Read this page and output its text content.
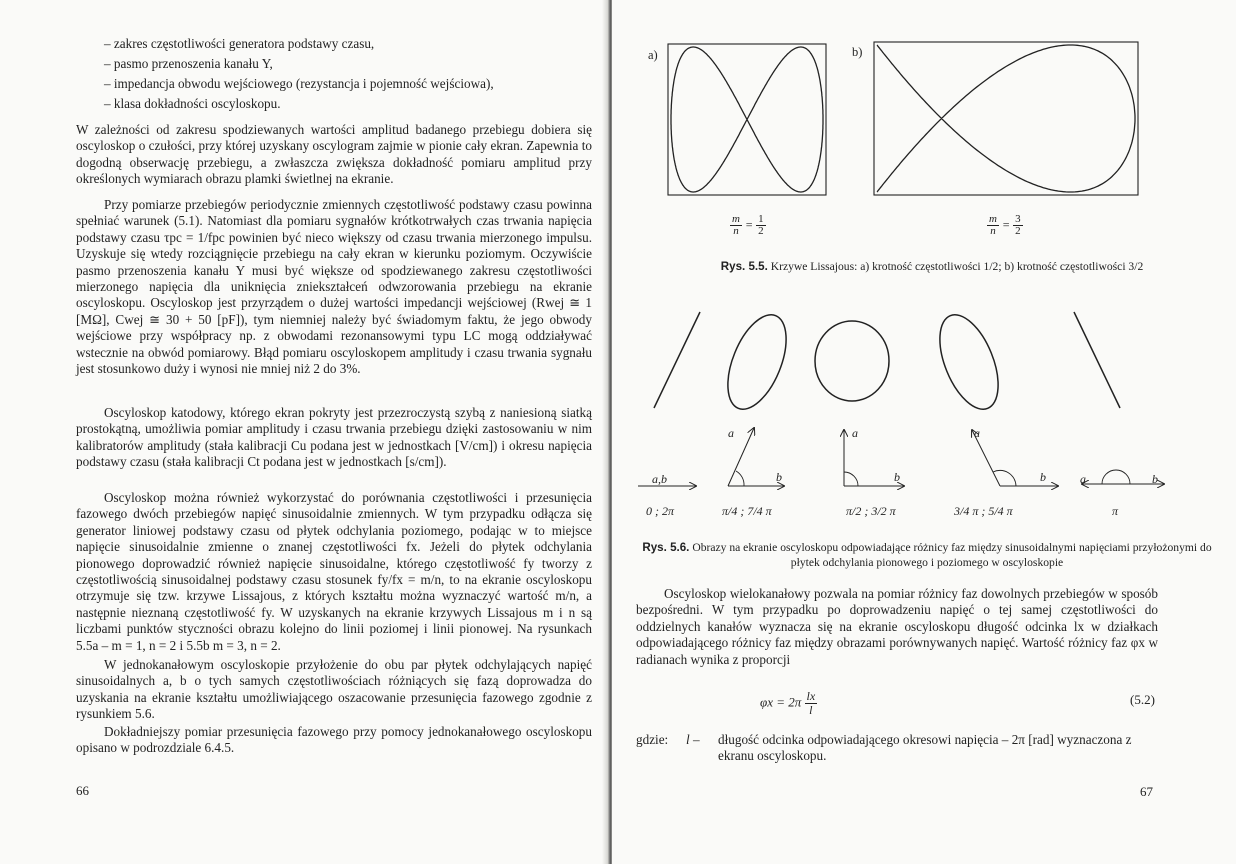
– zakres częstotliwości generatora podstawy czasu,
– pasmo przenoszenia kanału Y,
– impedancja obwodu wejściowego (rezystancja i pojemność wejściowa),
– klasa dokładności oscyloskopu.
W zależności od zakresu spodziewanych wartości amplitud badanego przebiegu dobiera się oscyloskop o czułości, przy której uzyskany oscylogram zajmie w pionie cały ekran. Zapewnia to dogodną obserwację przebiegu, a zwłaszcza zwiększa dokładność pomiaru amplitud przy określonych wymiarach obrazu plamki świetlnej na ekranie.
Przy pomiarze przebiegów periodycznie zmiennych częstotliwość podstawy czasu powinna spełniać warunek (5.1). Natomiast dla pomiaru sygnałów krótkotrwałych czas trwania napięcia podstawy czasu τpc = 1/fpc powinien być nieco większy od czasu trwania mierzonego impulsu. Uzyskuje się wtedy rozciągnięcie przebiegu na cały ekran w kierunku poziomym. Oczywiście pasmo przenoszenia kanału Y musi być większe od spodziewanego zakresu częstotliwości mierzonego napięcia dla uniknięcia zniekształceń odwzorowania przebiegu na ekranie oscyloskopu. Oscyloskop jest przyrządem o dużej wartości impedancji wejściowej (Rwej ≅ 1 [MΩ], Cwej ≅ 30 + 50 [pF]), tym niemniej należy być świadomym faktu, że jego obwody wejściowe przy współpracy np. z obwodami rezonansowymi typu LC mogą oddziaływać wstecznie na obwód pomiarowy. Błąd pomiaru oscyloskopem amplitudy i czasu trwania sygnału jest stosunkowo duży i wynosi nie mniej niż 2 do 3%.
Oscyloskop katodowy, którego ekran pokryty jest przezroczystą szybą z naniesioną siatką prostokątną, umożliwia pomiar amplitudy i czasu trwania przebiegu dzięki zastosowaniu w nim kalibratorów amplitudy (stała kalibracji Cu podana jest w jednostkach [V/cm]) i okresu napięcia podstawy czasu (stała kalibracji Ct podana jest w jednostkach [s/cm]).
Oscyloskop można również wykorzystać do porównania częstotliwości i przesunięcia fazowego dwóch przebiegów napięć sinusoidalnie zmiennych. W tym przypadku odłącza się generator liniowej podstawy czasu od płytek odchylania poziomego, podając w to miejsce napięcie sinusoidalnie zmienne o znanej częstotliwości fx. Jeżeli do płytek odchylania pionowego doprowadzić również napięcie sinusoidalne, którego częstotliwość fy tworzy z częstotliwością sinusoidalnej podstawy czasu stosunek fy/fx = m/n, to na ekranie oscyloskopu otrzymuje się tzw. krzywe Lissajous, z których kształtu można wyznaczyć wartość m/n, a następnie nieznaną częstotliwość fy. W uzyskanych na ekranie krzywych Lissajous m i n są liczbami punktów styczności obrazu kolejno do linii poziomej i linii pionowej. Na rysunkach 5.5a – m = 1, n = 2 i 5.5b m = 3, n = 2.
W jednokanałowym oscyloskopie przyłożenie do obu par płytek odchylających napięć sinusoidalnych a, b o tych samych częstotliwościach różniących się fazą doprowadza do uzyskania na ekranie kształtu umożliwiającego oszacowanie przesunięcia fazowego zgodnie z rysunkiem 5.6.
Dokładniejszy pomiar przesunięcia fazowego przy pomocy jednokanałowego oscyloskopu opisano w podrozdziale 6.4.5.
66
a)	b)
$\frac{m}{n} = \frac{1}{2}$	$\frac{m}{n} = \frac{3}{2}$
Rys. 5.5. Krzywe Lissajous: a) krotność częstotliwości 1/2; b) krotność częstotliwości 3/2
a,b
a
b
a
b
a
b	a	b
0 ; 2π	π/4 ; 7/4 π	π/2 ; 3/2 π	3/4 π ; 5/4 π	π
Rys. 5.6. Obrazy na ekranie oscyloskopu odpowiadające różnicy faz między sinusoidalnymi napięciami przyłożonymi do płytek odchylania pionowego i poziomego w oscyloskopie
Oscyloskop wielokanałowy pozwala na pomiar różnicy faz dowolnych przebiegów w sposób bezpośredni. W tym przypadku po doprowadzeniu napięć o tej samej częstotliwości do oddzielnych kanałów wyznacza się na ekranie oscyloskopu długość odcinka lx w działkach odpowiadającego różnicy faz między obrazami porównywanych napięć. Wartość różnicy faz φx w radianach wynika z proporcji
$\varphi x = 2\pi \frac{lx}{l}$	(5.2)
gdzie:	l – długość odcinka odpowiadającego okresowi napięcia – 2π [rad] wyznaczona z ekranu oscyloskopu.
67
